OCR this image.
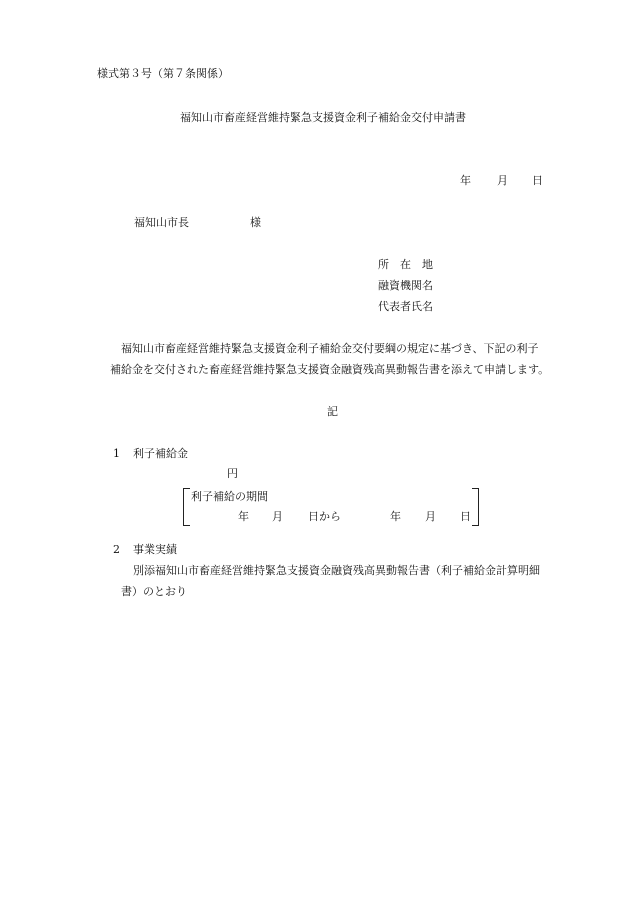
様式第３号（第７条関係）
福知山市畜産経営維持緊急支援資金利子補給金交付申請書
年 月 日
福知山市長	様
所　在　地
融資機関名
代表者氏名
福知山市畜産経営維持緊急支援資金利子補給金交付要綱の規定に基づき、下記の利子
補給金を交付された畜産経営維持緊急支援資金融資残高異動報告書を添えて申請します。
記
1 利子補給金
円
利子補給の期間
年 月 日から	年 月 日
2 事業実績
別添福知山市畜産経営維持緊急支援資金融資残高異動報告書（利子補給金計算明細
書）のとおり
